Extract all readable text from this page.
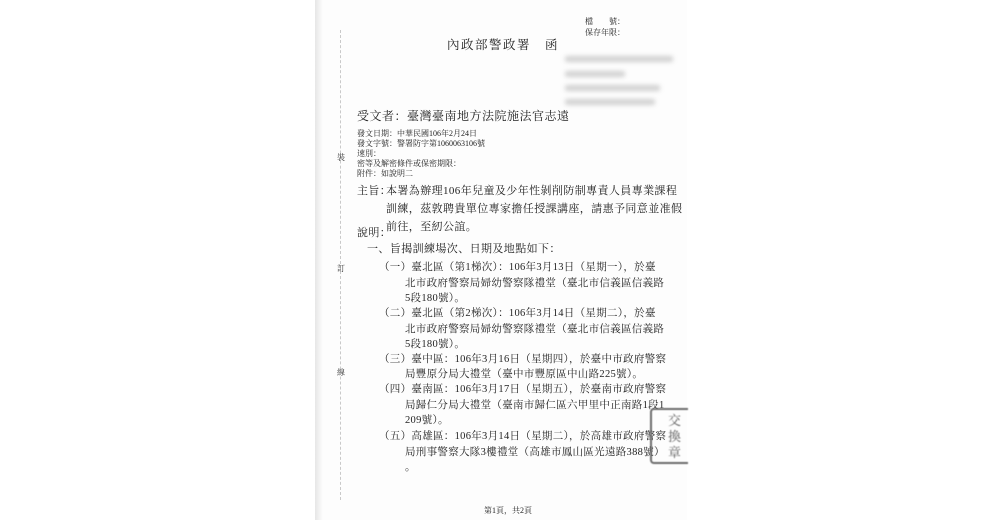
檔　　號：

保存年限：

內政部警政署　函

受文者：臺灣臺南地方法院施法官志遠

發文日期：中華民國106年2月24日

發文字號：警署防字第1060063106號

速別：

密等及解密條件或保密期限：

附件：如說明二

裝
訂
線

主旨：

本署為辦理106年兒童及少年性剝削防制專責人員專業課程

訓練，茲敦聘貴單位專家擔任授課講座，請惠予同意並准假

前往，至紉公誼。

說明：

一、旨揭訓練場次、日期及地點如下：

（一）臺北區（第1梯次）：106年3月13日（星期一），於臺

北市政府警察局婦幼警察隊禮堂（臺北市信義區信義路

5段180號）。

（二）臺北區（第2梯次）：106年3月14日（星期二），於臺

北市政府警察局婦幼警察隊禮堂（臺北市信義區信義路

5段180號）。

（三）臺中區：106年3月16日（星期四），於臺中市政府警察

局豐原分局大禮堂（臺中市豐原區中山路225號）。

（四）臺南區：106年3月17日（星期五），於臺南市政府警察

局歸仁分局大禮堂（臺南市歸仁區六甲里中正南路1段1

209號）。

（五）高雄區：106年3月14日（星期二），於高雄市政府警察

局刑事警察大隊3樓禮堂（高雄市鳳山區光遠路388號）

。

交
換
章

第1頁，共2頁
